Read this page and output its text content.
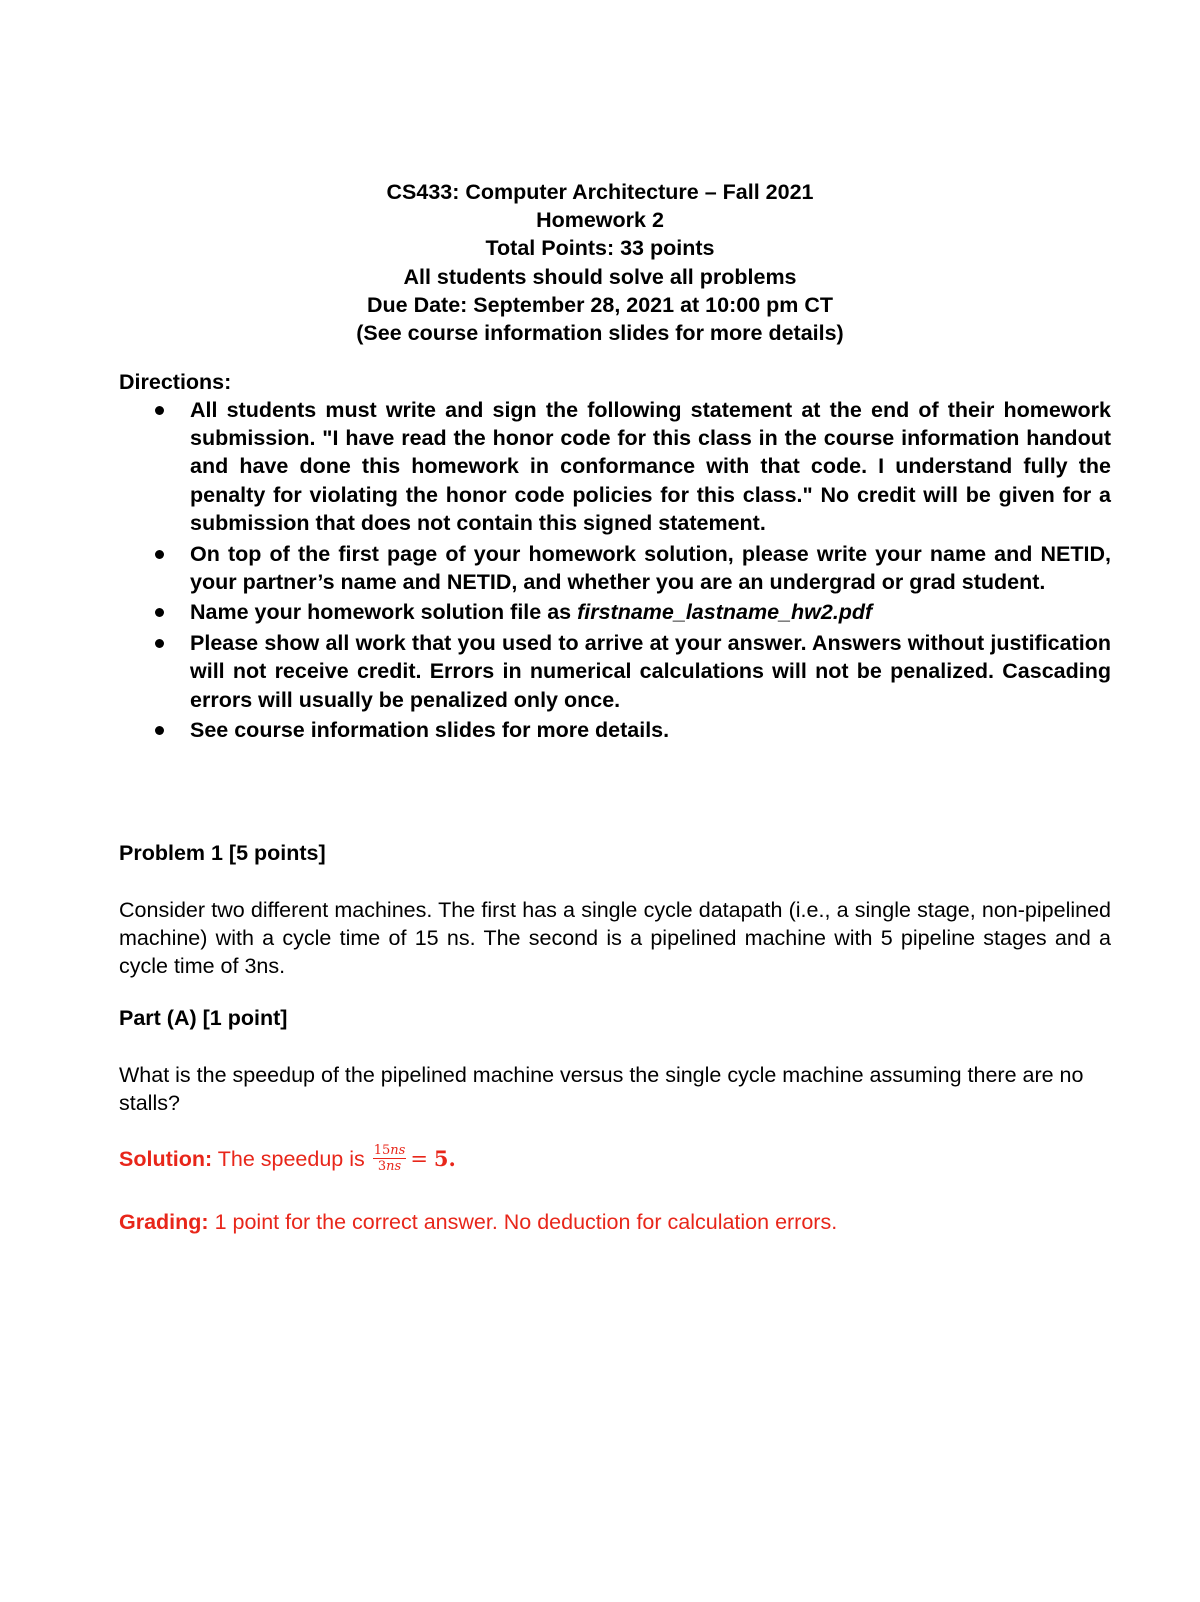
CS433: Computer Architecture – Fall 2021
Homework 2
Total Points: 33 points
All students should solve all problems
Due Date: September 28, 2021 at 10:00 pm CT
(See course information slides for more details)
Directions:
All students must write and sign the following statement at the end of their homework submission. "I have read the honor code for this class in the course information handout and have done this homework in conformance with that code. I understand fully the penalty for violating the honor code policies for this class." No credit will be given for a submission that does not contain this signed statement.
On top of the first page of your homework solution, please write your name and NETID, your partner’s name and NETID, and whether you are an undergrad or grad student.
Name your homework solution file as firstname_lastname_hw2.pdf
Please show all work that you used to arrive at your answer. Answers without justification will not receive credit. Errors in numerical calculations will not be penalized. Cascading errors will usually be penalized only once.
See course information slides for more details.
Problem 1 [5 points]
Consider two different machines. The first has a single cycle datapath (i.e., a single stage, non-pipelined machine) with a cycle time of 15 ns. The second is a pipelined machine with 5 pipeline stages and a cycle time of 3ns.
Part (A) [1 point]
What is the speedup of the pipelined machine versus the single cycle machine assuming there are no stalls?
Solution: The speedup is $\frac{15ns}{3ns} = 5$.
Grading: 1 point for the correct answer. No deduction for calculation errors.
